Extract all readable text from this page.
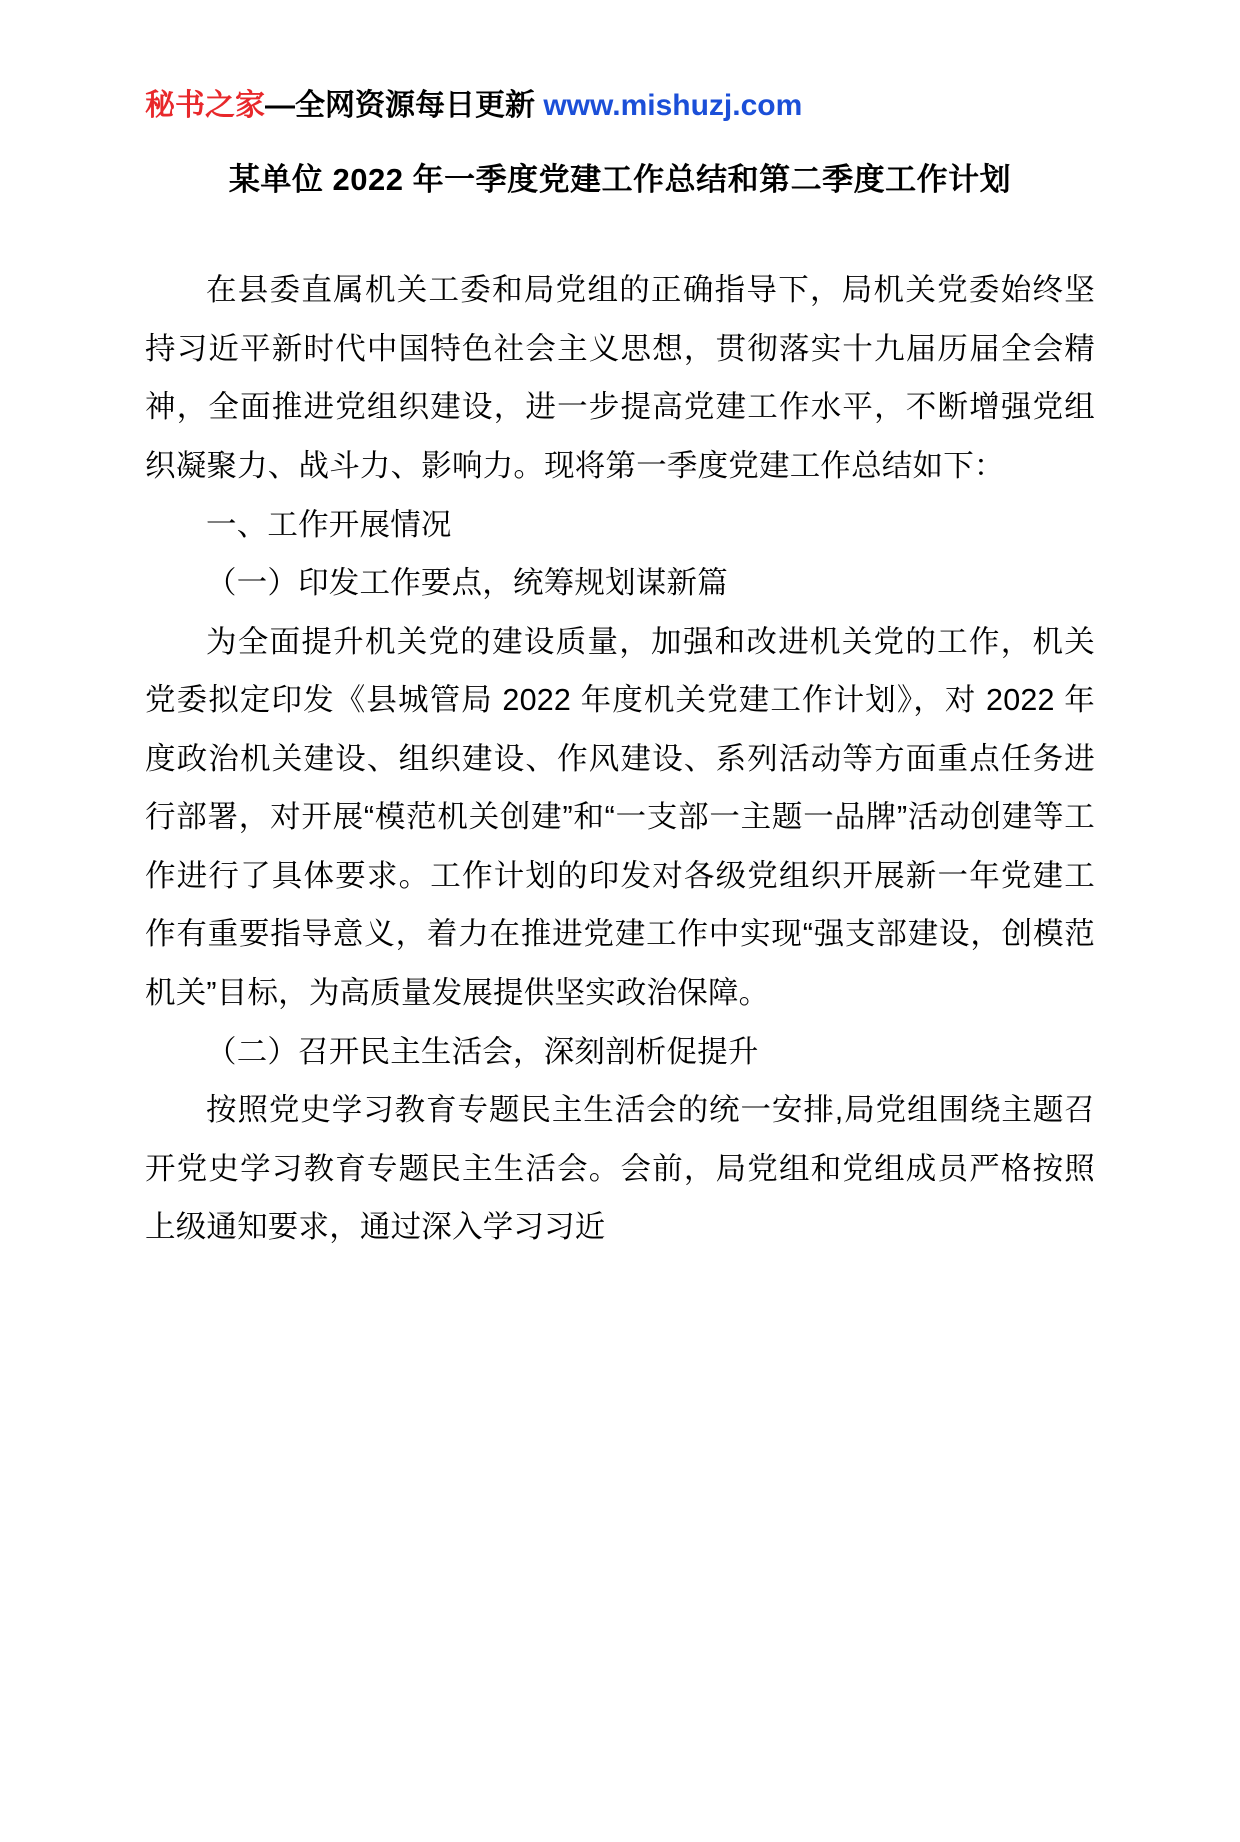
秘书之家—全网资源每日更新 www.mishuzj.com
某单位 2022 年一季度党建工作总结和第二季度工作计划

在县委直属机关工委和局党组的正确指导下，局机关党委始终坚持习近平新时代中国特色社会主义思想，贯彻落实十九届历届全会精神，全面推进党组织建设，进一步提高党建工作水平，不断增强党组织凝聚力、战斗力、影响力。现将第一季度党建工作总结如下：

一、工作开展情况

（一）印发工作要点，统筹规划谋新篇

为全面提升机关党的建设质量，加强和改进机关党的工作，机关党委拟定印发《县城管局 2022 年度机关党建工作计划》，对 2022 年度政治机关建设、组织建设、作风建设、系列活动等方面重点任务进行部署，对开展“模范机关创建”和“一支部一主题一品牌”活动创建等工作进行了具体要求。工作计划的印发对各级党组织开展新一年党建工作有重要指导意义，着力在推进党建工作中实现“强支部建设，创模范机关”目标，为高质量发展提供坚实政治保障。

（二）召开民主生活会，深刻剖析促提升

按照党史学习教育专题民主生活会的统一安排,局党组围绕主题召开党史学习教育专题民主生活会。会前，局党组和党组成员严格按照上级通知要求，通过深入学习习近
